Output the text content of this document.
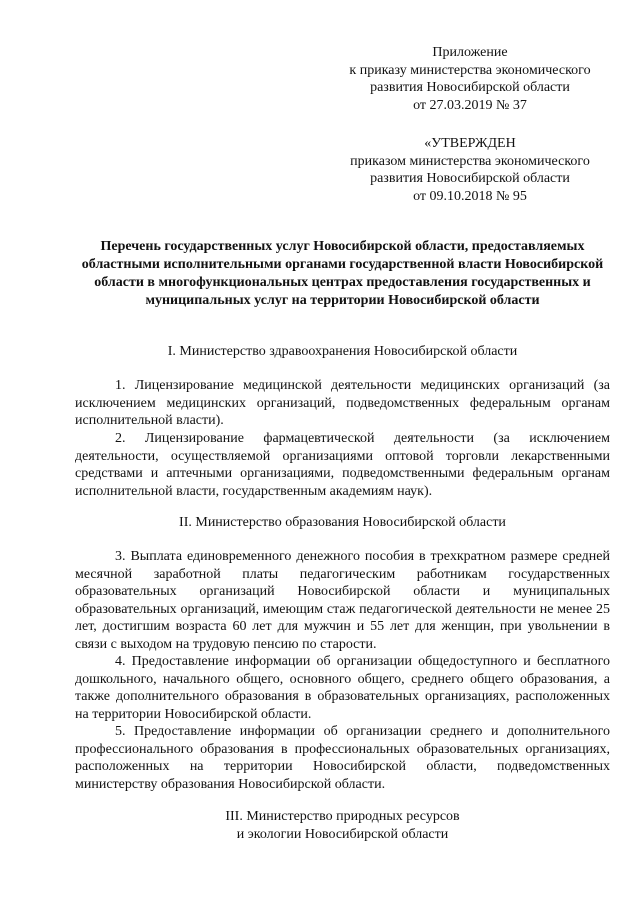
Приложение
к приказу министерства экономического
развития Новосибирской области
от 27.03.2019 № 37
«УТВЕРЖДЕН
приказом министерства экономического
развития Новосибирской области
от 09.10.2018 № 95
Перечень государственных услуг Новосибирской области, предоставляемых областными исполнительными органами государственной власти Новосибирской области в многофункциональных центрах предоставления государственных и муниципальных услуг на территории Новосибирской области
I. Министерство здравоохранения Новосибирской области
1. Лицензирование медицинской деятельности медицинских организаций (за исключением медицинских организаций, подведомственных федеральным органам исполнительной власти).
2. Лицензирование фармацевтической деятельности (за исключением деятельности, осуществляемой организациями оптовой торговли лекарственными средствами и аптечными организациями, подведомственными федеральным органам исполнительной власти, государственным академиям наук).
II. Министерство образования Новосибирской области
3. Выплата единовременного денежного пособия в трехкратном размере средней месячной заработной платы педагогическим работникам государственных образовательных организаций Новосибирской области и муниципальных образовательных организаций, имеющим стаж педагогической деятельности не менее 25 лет, достигшим возраста 60 лет для мужчин и 55 лет для женщин, при увольнении в связи с выходом на трудовую пенсию по старости.
4. Предоставление информации об организации общедоступного и бесплатного дошкольного, начального общего, основного общего, среднего общего образования, а также дополнительного образования в образовательных организациях, расположенных на территории Новосибирской области.
5. Предоставление информации об организации среднего и дополнительного профессионального образования в профессиональных образовательных организациях, расположенных на территории Новосибирской области, подведомственных министерству образования Новосибирской области.
III. Министерство природных ресурсов
и экологии Новосибирской области
